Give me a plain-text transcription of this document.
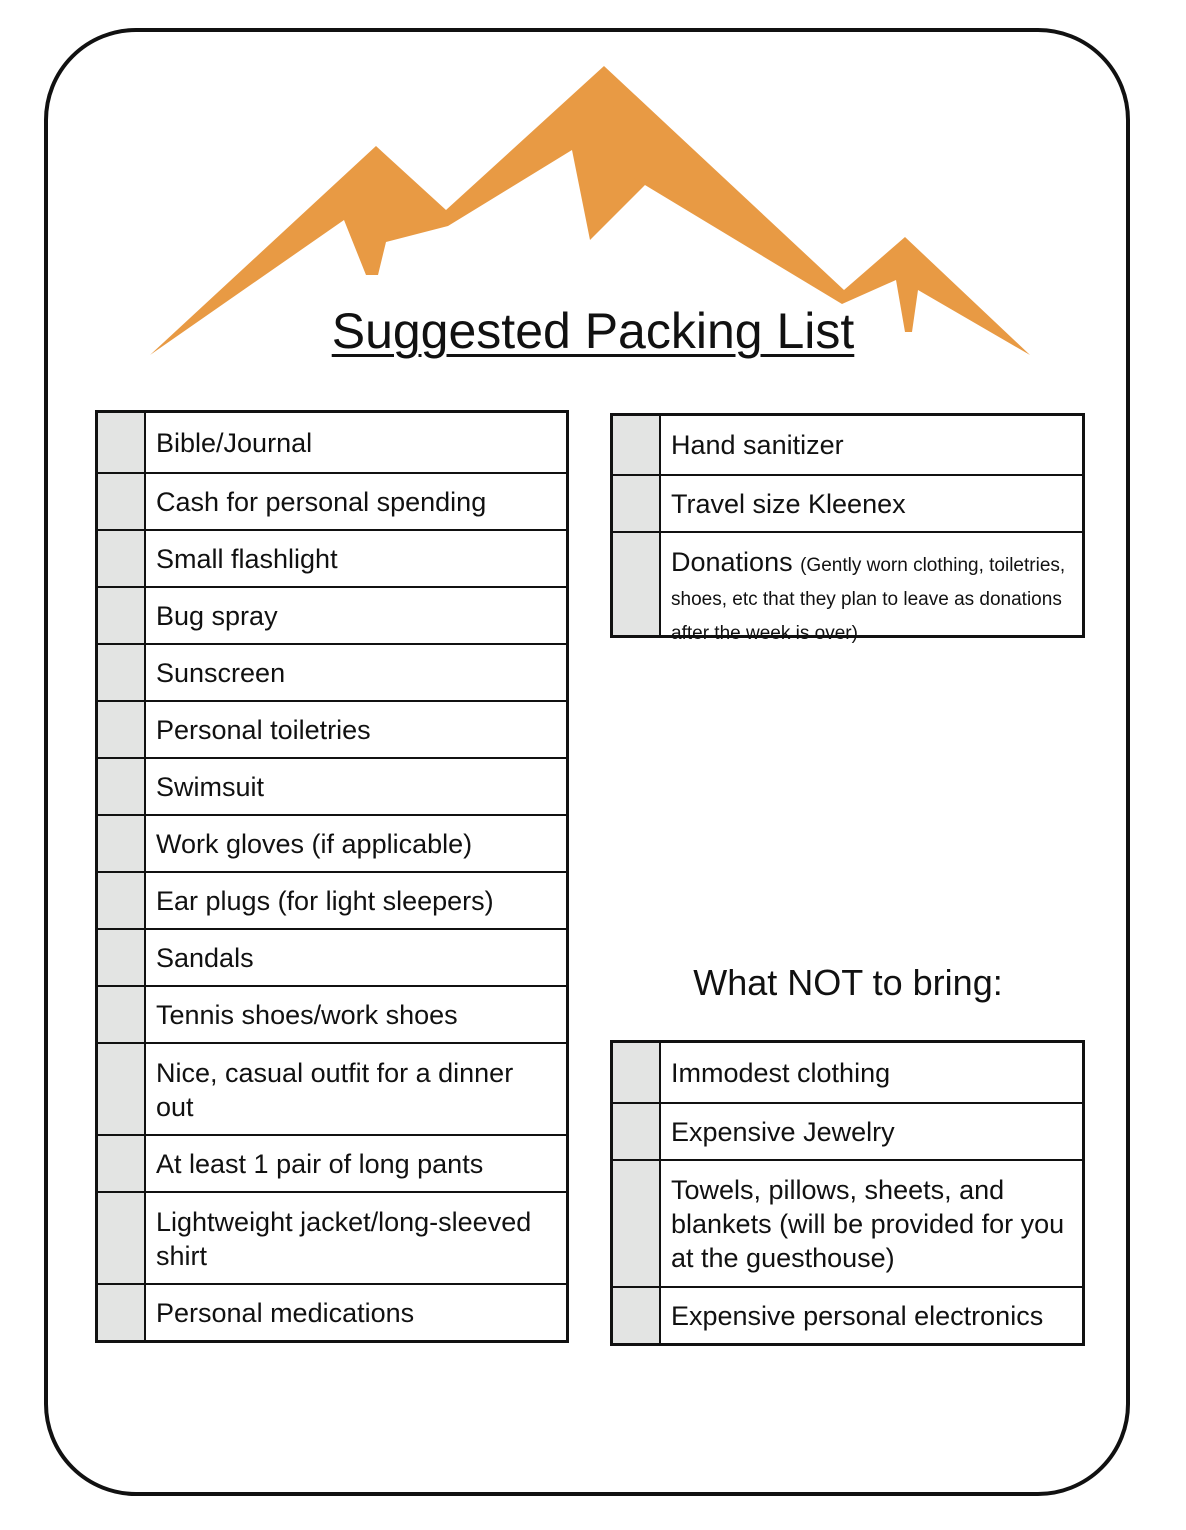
Suggested Packing List
Bible/Journal
Cash for personal spending
Small flashlight
Bug spray
Sunscreen
Personal toiletries
Swimsuit
Work gloves (if applicable)
Ear plugs (for light sleepers)
Sandals
Tennis shoes/work shoes
Nice, casual outfit for a dinner out
At least 1 pair of long pants
Lightweight jacket/long-sleeved shirt
Personal medications
Hand sanitizer
Travel size Kleenex
Donations (Gently worn clothing, toiletries, shoes, etc that they plan to leave as donations after the week is over)
What NOT to bring:
Immodest clothing
Expensive Jewelry
Towels, pillows, sheets, and blankets (will be provided for you at the guesthouse)
Expensive personal electronics
